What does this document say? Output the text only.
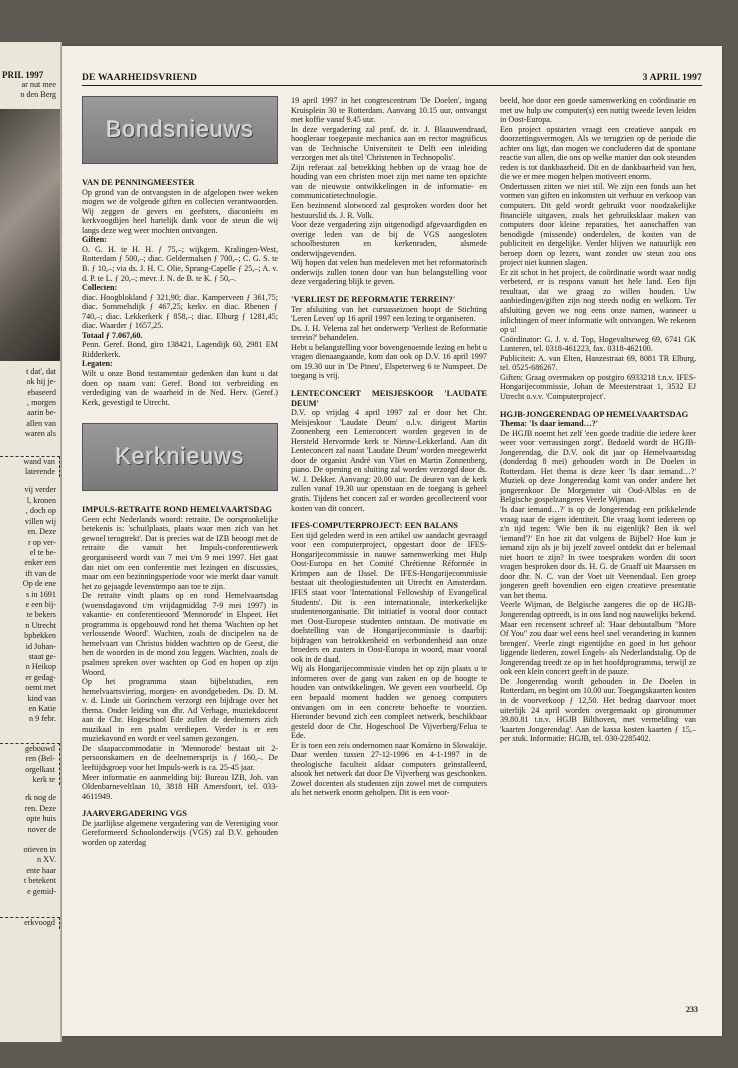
PRIL 1997
ar nut mee
n den Berg
t dat', dat
ok hij je-
ebaseerd
, morgen
aarin be-
allen van
waren als
wand van
laterende
vij verder
l, kronen
, doch op
villen wij
en. Deze
r op ver-
el te be-
enker een
ift van de
Op de ene
s in 1691
e een bij-
te bekers
n Utrecht
bpbekken
id Johan-
staat ge-
n Heikop
er gedag-
oemt met
kind van
en Katie
n 9 febr.
gebouwd
ren (Bel-
orgelkast
kerk te
rk nog de
ren. Deze
opte huis
nover de
otieven in
n XV.
ente haar
t betekent
e gemid-
erkvoogd
DE WAARHEIDSVRIEND	3 APRIL 1997
Bondsnieuws
VAN DE PENNINGMEESTER

Op grond van de ontvangsten in de afgelopen twee weken mogen we de volgende giften en collecten verantwoorden. Wij zeggen de gevers en geefsters, diaconieën en kerkvoogdijen heel hartelijk dank voor de steun die wij langs deze weg weer mochten ontvangen.

Giften:

O. G. H. te H. H. ƒ 75,–; wijkgem. Kralingen-West, Rotterdam ƒ 500,–; diac. Geldermalsen ƒ 700,–; C. G. S. te B. ƒ 10,–; via ds. J. H. C. Olie, Sprang-Capelle ƒ 25,–; A. v. d. P. te L. ƒ 20,–; mevr. J. N. de B. te K. ƒ 50,–.

Collecten:

diac. Hoogblokland ƒ 321,90; diac. Kamperveen ƒ 361,75; diac. Sommelsdijk ƒ 467,25; kerkv. en diac. Rhenen ƒ 740,–; diac. Lekkerkerk ƒ 858,–; diac. Elburg ƒ 1281,45; diac. Waarder ƒ 1657,25.

Totaal ƒ 7.067,60.

Penn. Geref. Bond, giro 138421, Lagendijk 60, 2981 EM Ridderkerk.

Legaten:

Wilt u onze Bond testamentair gedenken dan kunt u dat doen op naam van: Geref. Bond tot verbreiding en verdediging van de waarheid in de Ned. Herv. (Geref.) Kerk, gevestigd te Utrecht.

Kerknieuws
IMPULS-RETRAITE ROND HEMELVAARTSDAG

Geen echt Nederlands woord: retraite. De oorspronkelijke betekenis is: 'schuilplaats, plaats waar men zich van het gewoel terugtrekt'. Dat is precies wat de IZB beoogt met de retraite die vanuit het Impuls-conferentiewerk georganiseerd wordt van 7 mei t/m 9 mei 1997. Het gaat dan niet om een conferentie met lezingen en discussies, maar om een bezinningsperiode voor wie merkt daar vanuit het zo gejaagde levenstempo aan toe te zijn.

De retraite vindt plaats op en rond Hemelvaartsdag (woensdagavond t/m vrijdagmiddag 7-9 mei 1997) in vakantie- en conferentieoord 'Mennorode' in Elspeet. Het programma is opgebouwd rond het thema 'Wachten op het verlossende Woord'. Wachten, zoals de discipelen na de hemelvaart van Christus bidden wachtten op de Geest, die hen de woorden in de mond zou leggen. Wachten, zoals de psalmen spreken over wachten op God en hopen op zijn Woord.

Op het programma staan bijbelstudies, een hemelvaartsviering, morgen- en avondgebeden. Ds. D. M. v. d. Linde uit Gorinchem verzorgt een bijdrage over het thema. Onder leiding van dhr. Ad Verhage, muziekdocent aan de Chr. Hogeschool Ede zullen de deelnemers zich muzikaal in een psalm verdiepen. Verder is er een muziekavond en wordt er veel samen gezongen.

De slaapaccommodatie in 'Mennorode' bestaat uit 2-persoonskamers en de deelnemersprijs is ƒ 160,–. De leeftijdsgroep voor het Impuls-werk is ca. 25-45 jaar.

Meer informatie en aanmelding bij: Bureau IZB, Joh. van Oldenbarneveltlaan 10, 3818 HB Amersfoort, tel. 033-4611949.

JAARVERGADERING VGS

De jaarlijkse algemene vergadering van de Vereniging voor Gereformeerd Schoolonderwijs (VGS) zal D.V. gehouden worden op zaterdag

19 april 1997 in het congrescentrum 'De Doelen', ingang Kruisplein 30 te Rotterdam. Aanvang 10.15 uur, ontvangst met koffie vanaf 9.45 uur.

In deze vergadering zal prof. dr. ir. J. Blaauwendraad, hoogleraar toegepaste mechanica aan en rector magnificus van de Technische Universiteit te Delft een inleiding verzorgen met als titel 'Christenen in Technopolis'.

Zijn referaat zal betrekking hebben op de vraag hoe de houding van een christen moet zijn met name ten opzichte van de nieuwste ontwikkelingen in de informatie- en communicatietechnologie.

Een bezinnend slotwoord zal gesproken worden door het bestuurslid ds. J. R. Volk.

Voor deze vergadering zijn uitgenodigd afgevaardigden en overige leden van de bij de VGS aangesloten schoolbesturen en kerkenraden, alsmede onderwijsgevenden.

Wij hopen dat velen hun medeleven met het reformatorisch onderwijs zullen tonen door van hun belangstelling voor deze vergadering blijk te geven.

'VERLIEST DE REFORMATIE TERREIN?'

Ter afsluiting van het cursusseizoen hoopt de Stichting 'Leren Leven' op 16 april 1997 een lezing te organiseren.

Ds. J. H. Velema zal het onderwerp 'Verliest de Reformatie terrein?' behandelen.

Hebt u belangstelling voor bovengenoemde lezing en hebt u vragen dienaangaande, kom dan ook op D.V. 16 april 1997 om 19.30 uur in 'De Pineu', Elspeterweg 6 te Nunspeet. De toegang is vrij.

LENTECONCERT MEISJESKOOR 'LAUDATE DEUM'

D.V. op vrijdag 4 april 1997 zal er door het Chr. Meisjeskoor 'Laudate Deum' o.l.v. dirigent Martin Zonnenberg een Lenteconcert worden gegeven in de Hersteld Hervormde kerk te Nieuw-Lekkerland. Aan dit Lenteconcert zal naast 'Laudate Deum' worden meegewerkt door de organist André van Vliet en Martin Zonnenberg, piano. De opening en sluiting zal worden verzorgd door ds. W. J. Dekker. Aanvang: 20.00 uur. De deuren van de kerk zullen vanaf 19.30 uur openstaan en de toegang is geheel gratis. Tijdens het concert zal er worden gecollecteerd voor kosten van dit concert.

IFES-COMPUTERPROJECT: EEN BALANS

Een tijd geleden werd in een artikel uw aandacht gevraagd voor een computerproject, opgestart door de IFES-Hongarijecommissie in nauwe samenwerking met Hulp Oost-Europa en het Comité Chrétienne Réformée in Krimpen aan de IJssel. De IFES-Hongarijecommissie bestaat uit theologiestudenten uit Utrecht en Amsterdam. IFES staat voor 'International Fellowship of Evangelical Students'. Dit is een internationale, interkerkelijke studentenorganisatie. Dit initiatief is vooral door contact met Oost-Europese studenten ontstaan. De motivatie en doelstelling van de Hongarijecommissie is daarbij: bijdragen van betrokkenheid en verbondenheid aan onze broeders en zusters in Oost-Europa in woord, maar vooral ook in de daad.

Wij als Hongarijecommissie vinden het op zijn plaats u te informeren over de gang van zaken en op de hoogte te houden van ontwikkelingen. We geven een voorbeeld. Op een bepaald moment hadden we genoeg computers ontvangen om in een concrete behoefte te voorzien. Hieronder bevond zich een compleet netwerk, beschikbaar gesteld door de Chr. Hogeschool De Vijverberg/Felua te Ede.

Er is toen een reis ondernomen naar Komárno in Slowakije. Daar werden tussen 27-12-1996 en 4-1-1997 in de theologische faculteit aldaar computers geïnstalleerd, alsook het netwerk dat door De Vijverberg was geschonken. Zowel docenten als studenten zijn zowel met de computers als het netwerk enorm geholpen. Dit is een voor-

beeld, hoe door een goede samenwerking en coördinatie en met uw hulp uw computer(s) een nuttig tweede leven leiden in Oost-Europa.

Een project opstarten vraagt een creatieve aanpak en doorzettingsvermogen. Als we terugzien op de periode die achter ons ligt, dan mogen we concluderen dat de spontane reactie van allen, die ons op welke manier dan ook steunden reden is tot dankbaarheid. Dit en de dankbaarheid van hen, die we er mee mogen helpen motiveert enorm.

Ondertussen zitten we niet stil. We zijn een fonds aan het vormen van giften en inkomsten uit verhuur en verkoop van computers. Dit geld wordt gebruikt voor noodzakelijke financiële uitgaven, zoals het gebruiksklaar maken van computers door kleine reparaties, het aanschaffen van benodigde (missende) onderdelen, de kosten van de publiciteit en dergelijke. Verder blijven we natuurlijk een beroep doen op lezers, want zonder uw steun zou ons project niet kunnen slagen.

Er zit schot in het project, de coördinatie wordt waar nodig verbeterd, er is respons vanuit het hele land. Een fijn resultaat, dat we graag zo willen houden. Uw aanbiedingen/giften zijn nog steeds nodig en welkom. Ter afsluiting geven we nog eens onze namen, wanneer u inlichtingen of meer informatie wilt ontvangen. We rekenen op u!

Coördinator: G. J. v. d. Top, Hogevaltseweg 69, 6741 GK Lunteren, tel. 0318-461223, fax. 0318-462100.

Publiciteit: A. van Elten, Hanzestraat 69, 8081 TR Elburg, tel. 0525-686267.

Giften: Graag overmaken op postgiro 6933218 t.n.v. IFES-Hongarijecommissie, Johan de Meesterstraat 1, 3532 EJ Utrecht o.v.v. 'Computerproject'.

HGJB-JONGERENDAG OP HEMELVAARTSDAG

Thema: 'Is daar iemand…?'

De HGJB noemt het zelf 'een goede traditie die iedere keer weer voor verrassingen zorgt'. Bedoeld wordt de HGJB-Jongerendag, die D.V. ook dit jaar op Hemelvaartsdag (donderdag 8 mei) gehouden wordt in De Doelen in Rotterdam. Het thema is deze keer 'Is daar iemand…?' Muziek op deze Jongerendag komt van onder andere het jongerenkoor De Morgenster uit Oud-Alblas en de Belgische gospelzangeres Veerle Wijman.

'Is daar iemand…?' is op de Jongerendag een prikkelende vraag naar de eigen identiteit. Die vraag komt iedereen op z'n tijd tegen: 'Wie ben ik nu eigenlijk? Ben ik wel 'iemand'?' En hoe zit dat volgens de Bijbel? Hoe kun je iemand zijn als je bij jezelf zoveel ontdekt dat er helemaal niet hoort te zijn? In twee toespraken worden dit soort vragen besproken door ds. H. G. de Graaff uit Maarssen en door dhr. N. C. van der Voet uit Veenendaal. Een groep jongeren geeft bovendien een eigen creatieve presentatie van het thema.

Veerle Wijman, de Belgische zangeres die op de HGJB-Jongerendag optreedt, is in ons land nog nauwelijks bekend. Maar een recensent schreef al: 'Haar debuutalbum "More Of You" zou daar wel eens heel snel verandering in kunnen brengen'. Veerle zingt eigentijdse en goed in het gehoor liggende liederen, zowel Engels- als Nederlandstalig. Op de Jongerendag treedt ze op in het hoofdprogramma, terwijl ze ook een klein concert geeft in de pauze.

De Jongerendag wordt gehouden in De Doelen in Rotterdam, en begint om 10.00 uur. Toegangskaarten kosten in de voorverkoop ƒ 12,50. Het bedrag daarvoor moet uiterlijk 24 april worden overgemaakt op gironummer 39.80.81 t.n.v. HGJB Bilthoven, met vermelding van 'kaarten Jongerendag'. Aan de kassa kosten kaarten ƒ 15,– per stuk. Informatie: HGJB, tel. 030-2285402.

233
